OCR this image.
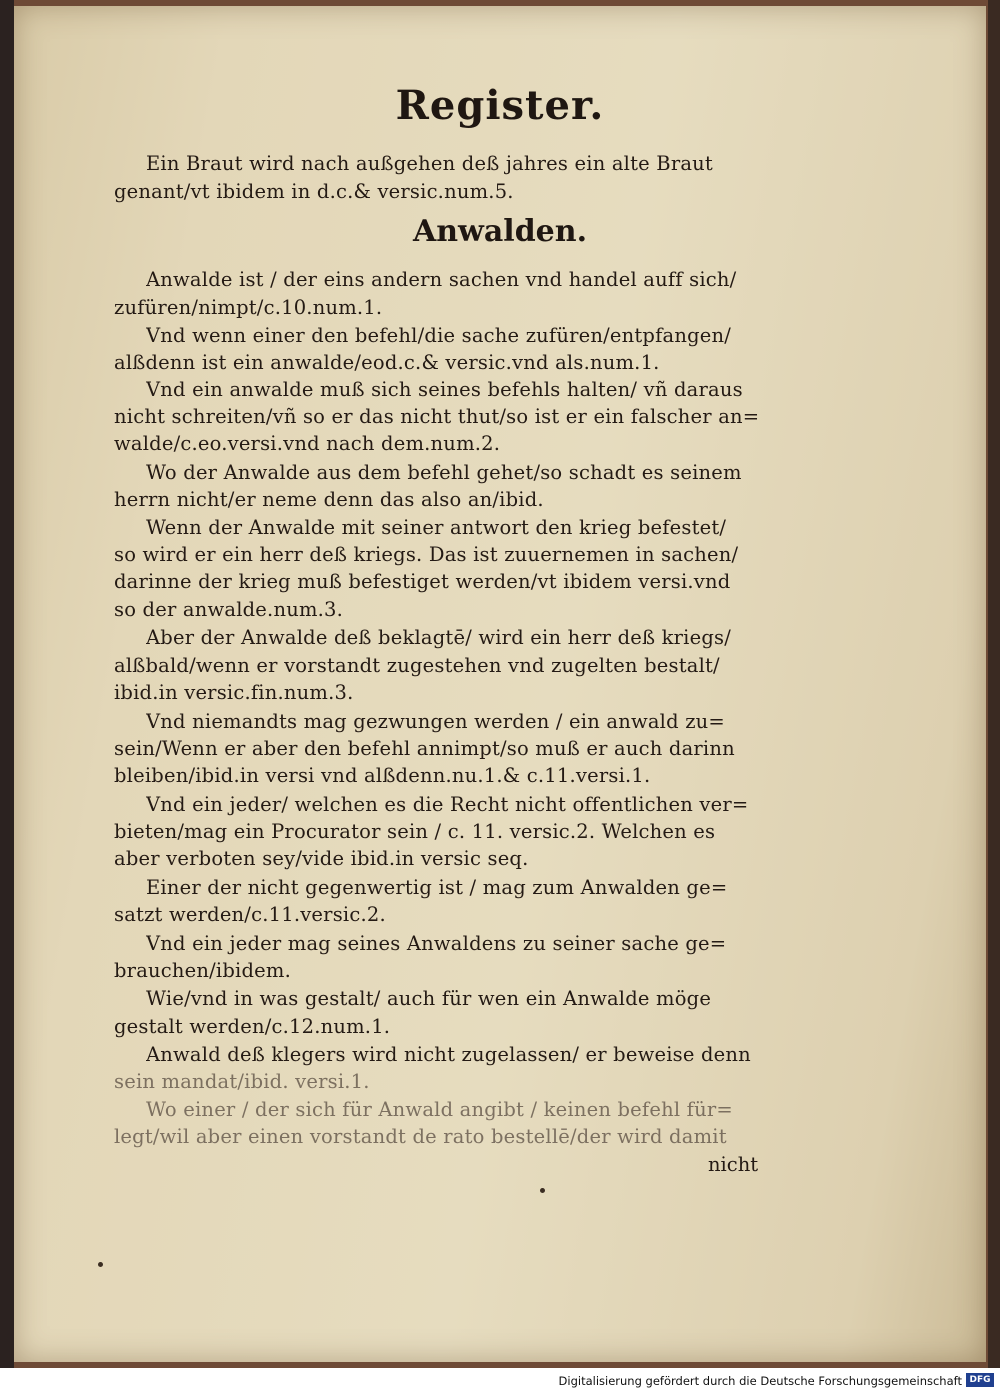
Register.

Ein Braut wird nach außgehen deß jahres ein alte Braut

genant/vt ibidem in d.c.& versic.num.5.

Anwalden.

Anwalde ist / der eins andern sachen vnd handel auff sich/

zufüren/nimpt/c.10.num.1.

Vnd wenn einer den befehl/die sache zufüren/entpfangen/

alßdenn ist ein anwalde/eod.c.& versic.vnd als.num.1.

Vnd ein anwalde muß sich seines befehls halten/ vñ daraus

nicht schreiten/vñ so er das nicht thut/so ist er ein falscher an=

walde/c.eo.versi.vnd nach dem.num.2.

Wo der Anwalde aus dem befehl gehet/so schadt es seinem

herrn nicht/er neme denn das also an/ibid.

Wenn der Anwalde mit seiner antwort den krieg befestet/

so wird er ein herr deß kriegs. Das ist zuuernemen in sachen/

darinne der krieg muß befestiget werden/vt ibidem versi.vnd

so der anwalde.num.3.

Aber der Anwalde deß beklagtē/ wird ein herr deß kriegs/

alßbald/wenn er vorstandt zugestehen vnd zugelten bestalt/

ibid.in versic.fin.num.3.

Vnd niemandts mag gezwungen werden / ein anwald zu=

sein/Wenn er aber den befehl annimpt/so muß er auch darinn

bleiben/ibid.in versi vnd alßdenn.nu.1.& c.11.versi.1.

Vnd ein jeder/ welchen es die Recht nicht offentlichen ver=

bieten/mag ein Procurator sein / c. 11. versic.2. Welchen es

aber verboten sey/vide ibid.in versic seq.

Einer der nicht gegenwertig ist / mag zum Anwalden ge=

satzt werden/c.11.versic.2.

Vnd ein jeder mag seines Anwaldens zu seiner sache ge=

brauchen/ibidem.

Wie/vnd in was gestalt/ auch für wen ein Anwalde möge

gestalt werden/c.12.num.1.

Anwald deß klegers wird nicht zugelassen/ er beweise denn

sein mandat/ibid. versi.1.

Wo einer / der sich für Anwald angibt / keinen befehl für=

legt/wil aber einen vorstandt de rato bestellē/der wird damit

nicht

Digitalisierung gefördert durch die Deutsche Forschungsgemeinschaft DFG
